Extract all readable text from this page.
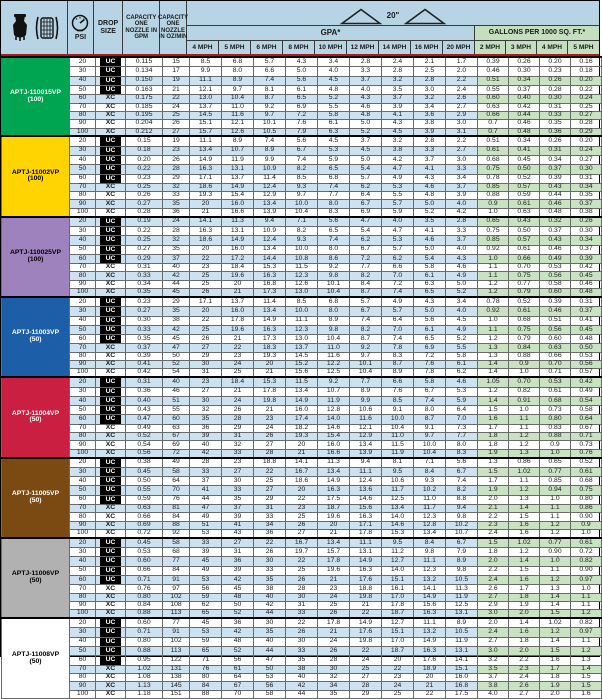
PSI
DROP SIZE
CAPACITY ONE NOZZLE IN GPM
CAPACITY ONE NOZZLE IN OZ/MIN
20"
GPA*	GALLONS PER 1000 SQ. FT.*
4 MPH	5 MPH	6 MPH	8 MPH	10 MPH	12 MPH	14 MPH	16 MPH	20 MPH	2 MPH	3 MPH	4 MPH	5 MPH
APTJ-110015VP
(100)	20	UC	0.115	15	8.5	6.8	5.7	4.3	3.4	2.8	2.4	2.1	1.7	0.39	0.26	0.20	0.16
	30	UC	0.134	17	9.9	8.0	6.6	5.0	4.0	3.3	2.8	2.5	2.0	0.46	0.30	0.23	0.18
	40	UC	0.150	19	11.1	8.9	7.4	5.6	4.5	3.7	3.2	2.8	2.2	0.51	0.34	0.26	0.20
	50	UC	0.163	21	12.1	9.7	8.1	6.1	4.8	4.0	3.5	3.0	2.4	0.55	0.37	0.28	0.22
	60	XC	0.175	22	13.0	10.4	8.7	6.5	5.2	4.3	3.7	3.2	2.6	0.60	0.40	0.30	0.24
	70	XC	0.185	24	13.7	11.0	9.2	6.9	5.5	4.6	3.9	3.4	2.7	0.63	0.42	0.31	0.25
	80	XC	0.195	25	14.5	11.6	9.7	7.2	5.8	4.8	4.1	3.6	2.9	0.66	0.44	0.33	0.27
	90	XC	0.204	26	15.1	12.1	10.1	7.6	6.1	5.0	4.3	3.8	3.0	0.7	0.46	0.35	0.28
	100	XC	0.212	27	15.7	12.6	10.5	7.9	6.3	5.2	4.5	3.9	3.1	0.7	0.48	0.36	0.29

APTJ-11002VP
(100)	20	UC	0.15	19	11.1	8.9	7.4	5.6	4.5	3.7	3.2	2.8	2.2	0.51	0.34	0.26	0.20
	30	UC	0.18	23	13.4	10.7	8.9	6.7	5.3	4.5	3.8	3.3	2.7	0.61	0.41	0.31	0.24
	40	UC	0.20	26	14.9	11.9	9.9	7.4	5.9	5.0	4.2	3.7	3.0	0.68	0.45	0.34	0.27
	50	UC	0.22	28	16.3	13.1	10.9	8.2	6.5	5.4	4.7	4.1	3.3	0.75	0.50	0.37	0.30
	60	UC	0.23	29	17.1	13.7	11.4	8.5	6.8	5.7	4.9	4.3	3.4	0.78	0.52	0.39	0.31
	70	XC	0.25	32	18.6	14.9	12.4	9.3	7.4	6.2	5.3	4.6	3.7	0.85	0.57	0.43	0.34
	80	XC	0.26	33	19.3	15.4	12.9	9.7	7.7	6.4	5.5	4.8	3.9	0.88	0.59	0.44	0.35
	90	XC	0.27	35	20	16.0	13.4	10.0	8.0	6.7	5.7	5.0	4.0	0.9	0.61	0.46	0.37
	100	XC	0.28	36	21	16.6	13.9	10.4	8.3	6.9	5.9	5.2	4.2	1.0	0.63	0.48	0.38

APTJ-110025VP
(100)	20	UC	0.19	24	14.1	11.3	9.4	7.1	5.6	4.7	4.0	3.5	2.8	0.65	0.43	0.32	0.26
	30	UC	0.22	28	16.3	13.1	10.9	8.2	6.5	5.4	4.7	4.1	3.3	0.75	0.50	0.37	0.30
	40	UC	0.25	32	18.6	14.9	12.4	9.3	7.4	6.2	5.3	4.6	3.7	0.85	0.57	0.43	0.34
	50	UC	0.27	35	20	16.0	13.4	10.0	8.0	6.7	5.7	5.0	4.0	0.92	0.61	0.46	0.37
	60	UC	0.29	37	22	17.2	14.4	10.8	8.6	7.2	6.2	5.4	4.3	1.0	0.66	0.49	0.39
	70	XC	0.31	40	23	18.4	15.3	11.5	9.2	7.7	6.6	5.8	4.6	1.1	0.70	0.53	0.42
	80	XC	0.33	42	25	19.6	16.3	12.3	9.8	8.2	7.0	6.1	4.9	1.1	0.75	0.56	0.45
	90	XC	0.34	44	25	20	16.8	12.6	10.1	8.4	7.2	6.3	5.0	1.2	0.77	0.58	0.46
	100	XC	0.35	45	26	21	17.3	13.0	10.4	8.7	7.4	6.5	5.2	1.2	0.79	0.60	0.48

APTJ-11003VP
(50)	20	UC	0.23	29	17.1	13.7	11.4	8.5	6.8	5.7	4.9	4.3	3.4	0.78	0.52	0.39	0.31
	30	UC	0.27	35	20	16.0	13.4	10.0	8.0	6.7	5.7	5.0	4.0	0.92	0.61	0.46	0.37
	40	UC	0.30	38	22	17.8	14.9	11.1	8.9	7.4	6.4	5.6	4.5	1.0	0.68	0.51	0.41
	50	UC	0.33	42	25	19.6	16.3	12.3	9.8	8.2	7.0	6.1	4.9	1.1	0.75	0.56	0.45
	60	UC	0.35	45	26	21	17.3	13.0	10.4	8.7	7.4	6.5	5.2	1.2	0.79	0.60	0.48
	70	XC	0.37	47	27	22	18.3	13.7	11.0	9.2	7.8	6.9	5.5	1.3	0.84	0.63	0.50
	80	XC	0.39	50	29	23	19.3	14.5	11.6	9.7	8.3	7.2	5.8	1.3	0.88	0.66	0.53
	90	XC	0.41	52	30	24	20	15.2	12.2	10.1	8.7	7.6	6.1	1.4	0.9	0.70	0.56
	100	XC	0.42	54	31	25	21	15.6	12.5	10.4	8.9	7.8	6.2	1.4	1.0	0.71	0.57

APTJ-11004VP
(50)	20	UC	0.31	40	23	18.4	15.3	11.5	9.2	7.7	6.6	5.8	4.6	1.05	0.70	0.53	0.42
	30	UC	0.36	46	27	21	17.8	13.4	10.7	8.9	7.6	6.7	5.3	1.2	0.82	0.61	0.49
	40	UC	0.40	51	30	24	19.8	14.9	11.9	9.9	8.5	7.4	5.9	1.4	0.91	0.68	0.54
	50	UC	0.43	55	32	26	21	16.0	12.8	10.6	9.1	8.0	6.4	1.5	1.0	0.73	0.58
	60	UC	0.47	60	35	28	23	17.4	14.0	11.6	10.0	8.7	7.0	1.6	1.1	0.80	0.64
	70	XC	0.49	63	36	29	24	18.2	14.6	12.1	10.4	9.1	7.3	1.7	1.1	0.83	0.67
	80	XC	0.52	67	39	31	26	19.3	15.4	12.9	11.0	9.7	7.7	1.8	1.2	0.88	0.71
	90	XC	0.54	69	40	32	27	20	16.0	13.4	11.5	10.0	8.0	1.8	1.2	0.9	0.73
	100	XC	0.56	72	42	33	28	21	16.6	13.9	11.9	10.4	8.3	1.9	1.3	1.0	0.76

APTJ-11005VP
(50)	20	UC	0.38	49	28	23	18.8	14.1	11.3	9.4	8.1	7.1	5.6	1.3	0.86	0.65	0.52
	30	UC	0.45	58	33	27	22	16.7	13.4	11.1	9.5	8.4	6.7	1.5	1.02	0.77	0.61
	40	UC	0.50	64	37	30	25	18.6	14.9	12.4	10.6	9.3	7.4	1.7	1.1	0.85	0.68
	50	UC	0.55	70	41	33	27	20	16.3	13.6	11.7	10.2	8.2	1.9	1.2	0.94	0.75
	60	UC	0.59	76	44	35	29	22	17.5	14.6	12.5	11.0	8.8	2.0	1.3	1.0	0.80
	70	XC	0.63	81	47	37	31	23	18.7	15.6	13.4	11.7	9.4	2.1	1.4	1.1	0.86
	80	XC	0.66	84	49	39	33	25	19.6	16.3	14.0	12.3	9.8	2.2	1.5	1.1	0.90
	90	XC	0.69	88	51	41	34	26	20	17.1	14.6	12.8	10.2	2.3	1.6	1.2	0.9
	100	XC	0.72	92	53	43	36	27	21	17.8	15.3	13.4	10.7	2.4	1.6	1.2	1.0

APTJ-11006VP
(50)	20	UC	0.45	58	33	27	22	16.7	13.4	11.1	9.5	8.4	6.7	1.5	1.02	0.77	0.61
	30	UC	0.53	68	39	31	26	19.7	15.7	13.1	11.2	9.8	7.9	1.8	1.2	0.90	0.72
	40	UC	0.60	77	45	36	30	22	17.8	14.9	12.7	11.1	8.9	2.0	1.4	1.0	0.82
	50	UC	0.66	84	49	39	33	25	19.6	16.3	14.0	12.3	9.8	2.2	1.5	1.1	0.90
	60	UC	0.71	91	53	42	35	26	21	17.6	15.1	13.2	10.5	2.4	1.6	1.2	0.97
	70	XC	0.76	97	56	45	38	28	23	18.8	16.1	14.1	11.3	2.6	1.7	1.3	1.0
	80	XC	0.80	102	59	48	40	30	24	19.8	17.0	14.9	11.9	2.7	1.8	1.4	1.1
	90	XC	0.84	108	62	50	42	31	25	21	17.8	15.6	12.5	2.9	1.9	1.4	1.1
	100	XC	0.88	113	65	52	44	33	26	22	18.7	16.3	13.1	3.0	2.0	1.5	1.2

APTJ-11008VP
(50)	20	UC	0.60	77	45	36	30	22	17.8	14.9	12.7	11.1	8.9	2.0	1.4	1.02	0.82
	30	UC	0.71	91	53	42	35	26	21	17.6	15.1	13.2	10.5	2.4	1.6	1.2	0.97
	40	UC	0.80	102	59	48	40	30	24	19.8	17.0	14.9	11.9	2.7	1.8	1.4	1.1
	50	UC	0.88	113	65	52	44	33	26	22	18.7	16.3	13.1	3.0	2.0	1.5	1.2
	60	UC	0.95	122	71	56	47	35	28	24	20	17.6	14.1	3.2	2.2	1.6	1.3
	70	XC	1.02	131	76	61	50	38	30	25	22	18.9	15.1	3.5	2.3	1.7	1.4
	80	XC	1.08	138	80	64	53	40	32	27	23	20	16.0	3.7	2.4	1.8	1.5
	90	XC	1.13	145	84	67	56	42	34	28	24	21	16.8	3.8	2.6	1.9	1.5
	100	XC	1.18	151	88	70	58	44	35	29	25	22	17.5	4.0	2.7	2.0	1.6
